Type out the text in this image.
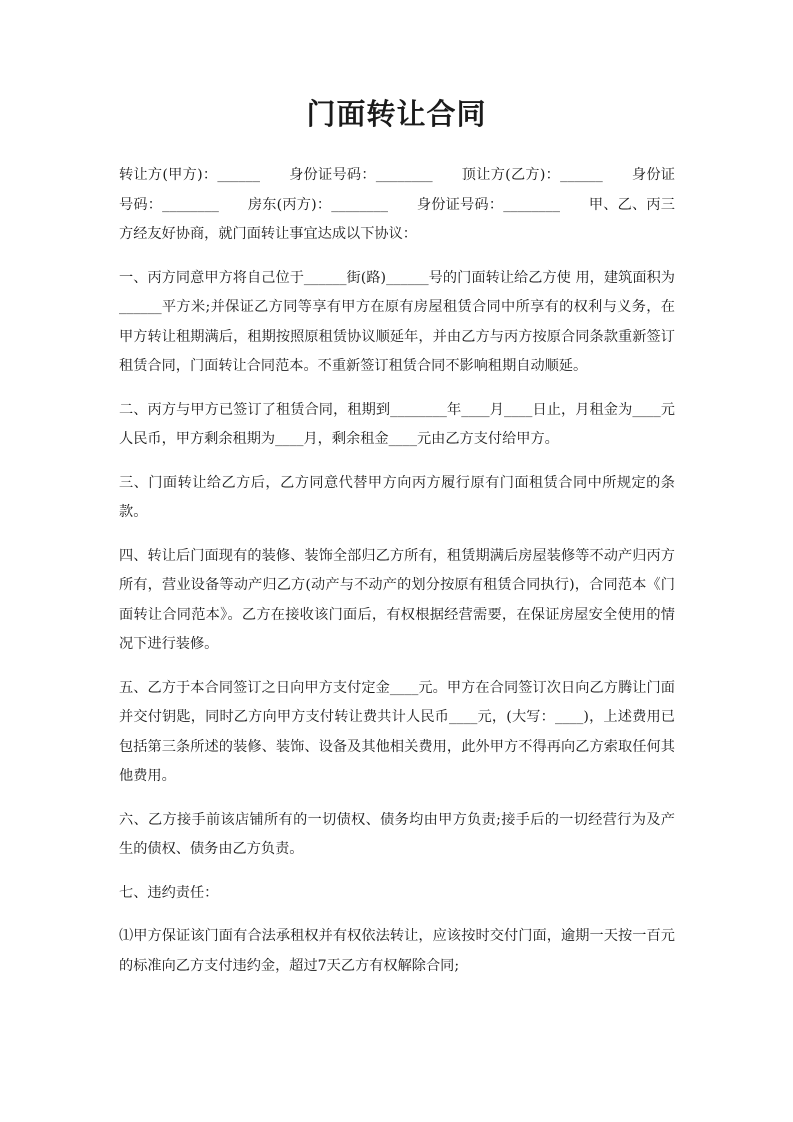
门面转让合同

转让方(甲方)：______　　身份证号码：________　　顶让方(乙方)：______　　身份证号码：________　　房东(丙方)：________　　身份证号码：________　　甲、乙、丙三方经友好协商，就门面转让事宜达成以下协议：

一、丙方同意甲方将自己位于______街(路)______号的门面转让给乙方使 用，建筑面积为______平方米;并保证乙方同等享有甲方在原有房屋租赁合同中所享有的权利与义务，在甲方转让租期满后，租期按照原租赁协议顺延年，并由乙方与丙方按原合同条款重新签订租赁合同，门面转让合同范本。不重新签订租赁合同不影响租期自动顺延。

二、丙方与甲方已签订了租赁合同，租期到________年____月____日止，月租金为____元人民币，甲方剩余租期为____月，剩余租金____元由乙方支付给甲方。

三、门面转让给乙方后，乙方同意代替甲方向丙方履行原有门面租赁合同中所规定的条款。

四、转让后门面现有的装修、装饰全部归乙方所有，租赁期满后房屋装修等不动产归丙方所有，营业设备等动产归乙方(动产与不动产的划分按原有租赁合同执行)，合同范本《门面转让合同范本》。乙方在接收该门面后，有权根据经营需要，在保证房屋安全使用的情况下进行装修。

五、乙方于本合同签订之日向甲方支付定金____元。甲方在合同签订次日向乙方腾让门面并交付钥匙，同时乙方向甲方支付转让费共计人民币____元，(大写：____)，上述费用已包括第三条所述的装修、装饰、设备及其他相关费用，此外甲方不得再向乙方索取任何其他费用。

六、乙方接手前该店铺所有的一切债权、债务均由甲方负责;接手后的一切经营行为及产生的债权、债务由乙方负责。

七、违约责任：

⑴甲方保证该门面有合法承租权并有权依法转让，应该按时交付门面，逾期一天按一百元的标准向乙方支付违约金，超过7天乙方有权解除合同;
